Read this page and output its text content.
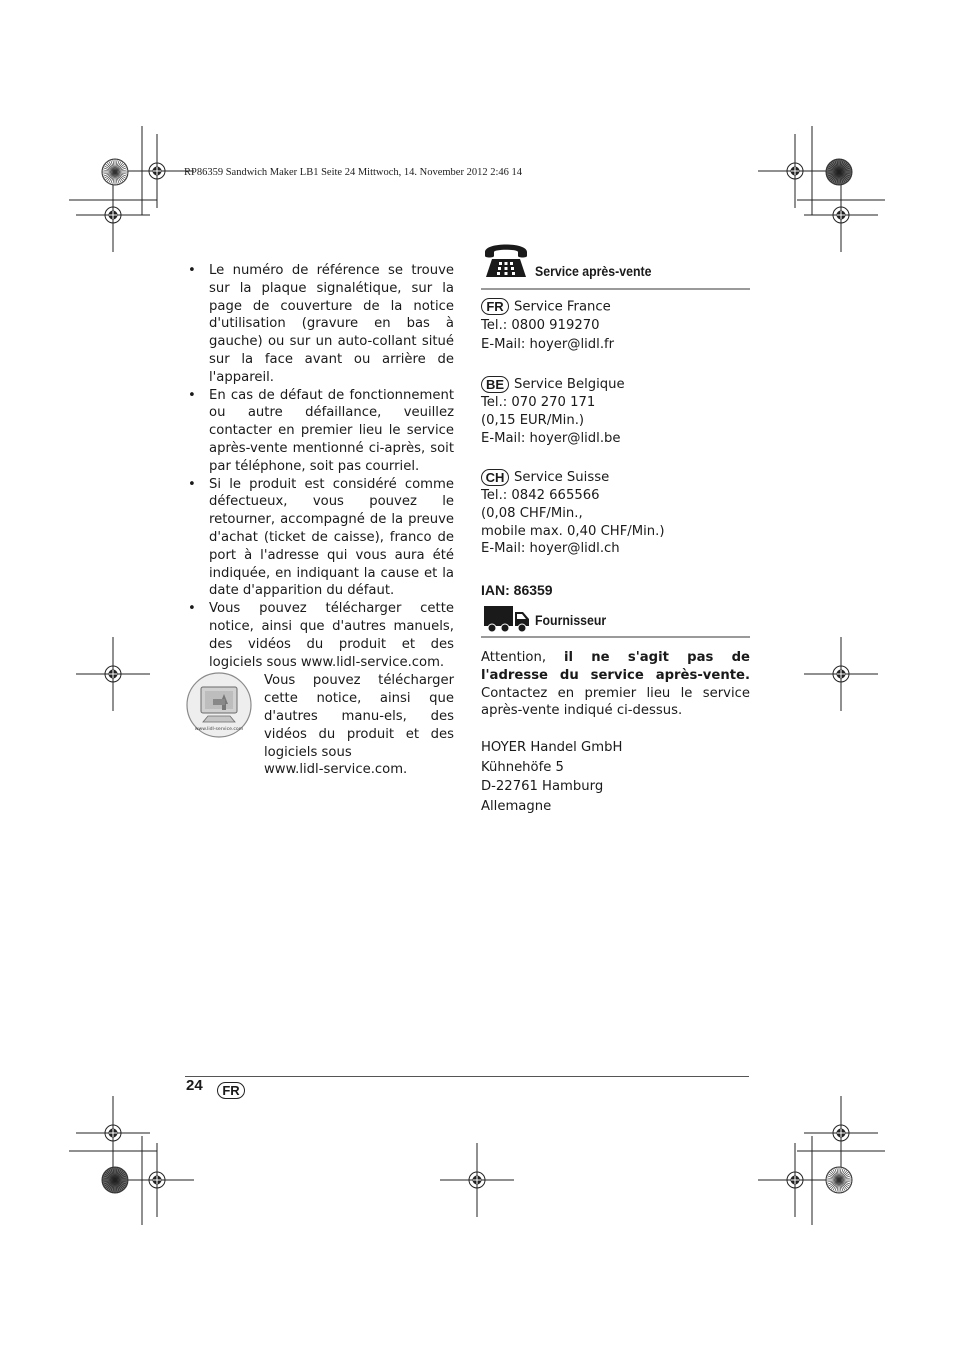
RP86359 Sandwich Maker LB1 Seite 24 Mittwoch, 14. November 2012 2:46 14
• Le numéro de référence se trouve sur la plaque signalétique, sur la page de couverture de la notice d'utilisation (gravure en bas à gauche) ou sur un auto-collant situé sur la face avant ou arrière de l'appareil.
• En cas de défaut de fonctionnement ou autre défaillance, veuillez contacter en premier lieu le service après-vente mentionné ci-après, soit par téléphone, soit pas courriel.
• Si le produit est considéré comme défectueux, vous pouvez le retourner, accompagné de la preuve d'achat (ticket de caisse), franco de port à l'adresse qui vous aura été indiquée, en indiquant la cause et la date d'apparition du défaut.
• Vous pouvez télécharger cette notice, ainsi que d'autres manuels, des vidéos du produit et des logiciels sous www.lidl-service.com.
www.lidl-service.com
Vous pouvez télécharger cette notice, ainsi que d'autres manu-els, des vidéos du produit et des logiciels sous
www.lidl-service.com.
Service après-vente
FR Service France
Tel.: 0800 919270
E-Mail: hoyer@lidl.fr
BE Service Belgique
Tel.: 070 270 171
(0,15 EUR/Min.)
E-Mail: hoyer@lidl.be
CH Service Suisse
Tel.: 0842 665566
(0,08 CHF/Min.,
mobile max. 0,40 CHF/Min.)
E-Mail: hoyer@lidl.ch
IAN: 86359
Fournisseur
Attention, il ne s'agit pas de l'adresse du service après-vente. Contactez en premier lieu le service après-vente indiqué ci-dessus.
HOYER Handel GmbH
Kühnehöfe 5
D-22761 Hamburg
Allemagne
24	FR
